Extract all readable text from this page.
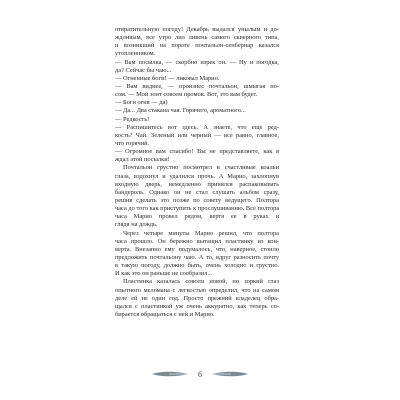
отвратительную погоду! Декабрь выдался унылым и до-
ждливым, все утро лил ливень самого скверного типа,
и возникший на пороге почтальон-сенбернар казался
утопленником.
— Вам посылка, — скорбно изрек он. — Ну и погодка,
да? Сейчас бы чаю...
— Огненные боги! — ликовал Марио.
— Вам виднее, — произнес почтальон, шмыгая но-
сом. — Мой зонт совсем промок. Вот, это вам будет.
— Боги огня — да)
— Да... Два стакана чая. Горячего, ароматного...
— Редкость!
— Распишитесь вот здесь. А знаете, что еще ред-
кость? Чай. Зеленый или черный — все равно, главное,
что горячий.
— Огромное вам спасибо! Вы не представляете, как я
ждал этой посылки!
Почтальон грустно посмотрел в счастливые коальи
глаза, вздохнул и удалился прочь. А Марио, захлопнув
входную дверь, немедленно принялся распаковывать
бандероль. Однако он не стал слушать альбом сразу,
решив сделать это позже по совету ведущего. Полтора
часа до того как приступить к прослушиванию. Все полтора
часа Марио провел рядом, вертя ее в руках и
глядя на дождь.
Через четыре минуты Марио решил, что полтора
часа прошло. Он бережно вытащил пластинку из кон-
верта. Внезапно ему подумалось, что, наверное, стоило
предложить почтальону чаю. А то, вдруг разносить почту
в такую погоду, должно быть, очень холодно и грустно.
И как это он раньше не сообразил...
Пластинка казалась совсем новой, но зоркий глаз
опытного меломана с легкостью определил, что на самом
деле ей не один год. Просто прежний владелец обра-
щался с пластинкой уж очень аккуратно, как теперь со-
бирается обращаться с ней и Марио.
6
